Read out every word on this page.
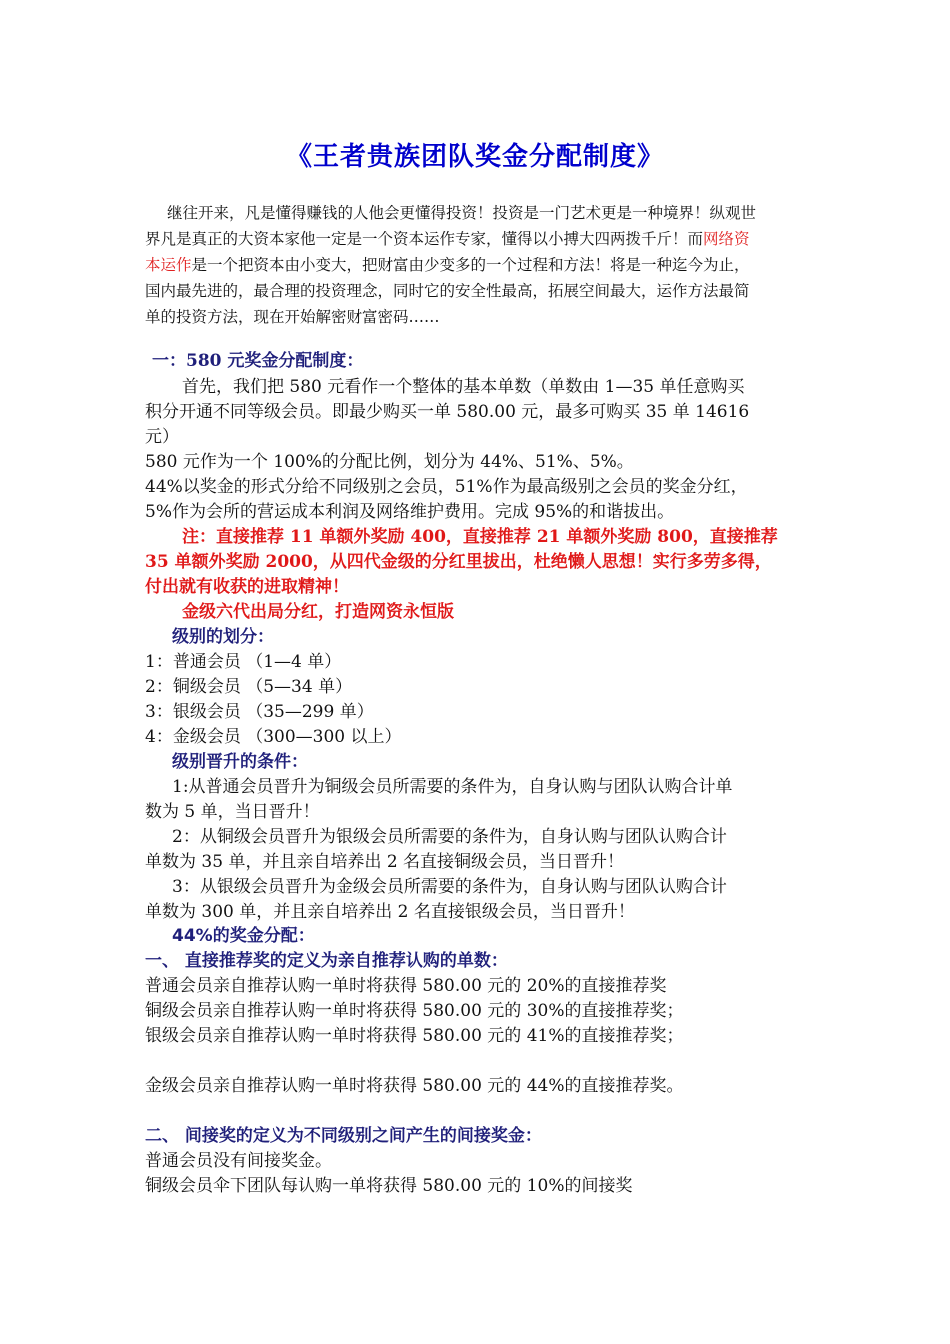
《王者贵族团队奖金分配制度》
继往开来，凡是懂得赚钱的人他会更懂得投资！投资是一门艺术更是一种境界！纵观世
界凡是真正的大资本家他一定是一个资本运作专家，懂得以小搏大四两拨千斤！而网络资
本运作是一个把资本由小变大，把财富由少变多的一个过程和方法！将是一种迄今为止，
国内最先进的，最合理的投资理念，同时它的安全性最高，拓展空间最大，运作方法最简
单的投资方法，现在开始解密财富密码……
一：580 元奖金分配制度：
首先，我们把 580 元看作一个整体的基本单数（单数由 1—35 单任意购买
积分开通不同等级会员。即最少购买一单 580.00 元，最多可购买 35 单 14616
元）
580 元作为一个 100%的分配比例，划分为 44%、51%、5%。
44%以奖金的形式分给不同级别之会员，51%作为最高级别之会员的奖金分红，
5%作为会所的营运成本利润及网络维护费用。完成 95%的和谐拔出。
注：直接推荐 11 单额外奖励 400，直接推荐 21 单额外奖励 800，直接推荐
35 单额外奖励 2000，从四代金级的分红里拔出，杜绝懒人思想！实行多劳多得，
付出就有收获的进取精神！
金级六代出局分红，打造网资永恒版
级别的划分：
1：普通会员 （1—4 单）
2：铜级会员 （5—34 单）
3：银级会员 （35—299 单）
4：金级会员 （300—300 以上）
级别晋升的条件：
1:从普通会员晋升为铜级会员所需要的条件为，自身认购与团队认购合计单
数为 5 单，当日晋升！
2：从铜级会员晋升为银级会员所需要的条件为，自身认购与团队认购合计
单数为 35 单，并且亲自培养出 2 名直接铜级会员，当日晋升！
3：从银级会员晋升为金级会员所需要的条件为，自身认购与团队认购合计
单数为 300 单，并且亲自培养出 2 名直接银级会员，当日晋升！
44%的奖金分配：
一、 直接推荐奖的定义为亲自推荐认购的单数：
普通会员亲自推荐认购一单时将获得 580.00 元的 20%的直接推荐奖
铜级会员亲自推荐认购一单时将获得 580.00 元的 30%的直接推荐奖；
银级会员亲自推荐认购一单时将获得 580.00 元的 41%的直接推荐奖；
金级会员亲自推荐认购一单时将获得 580.00 元的 44%的直接推荐奖。
二、 间接奖的定义为不同级别之间产生的间接奖金：
普通会员没有间接奖金。
铜级会员伞下团队每认购一单将获得 580.00 元的 10%的间接奖
